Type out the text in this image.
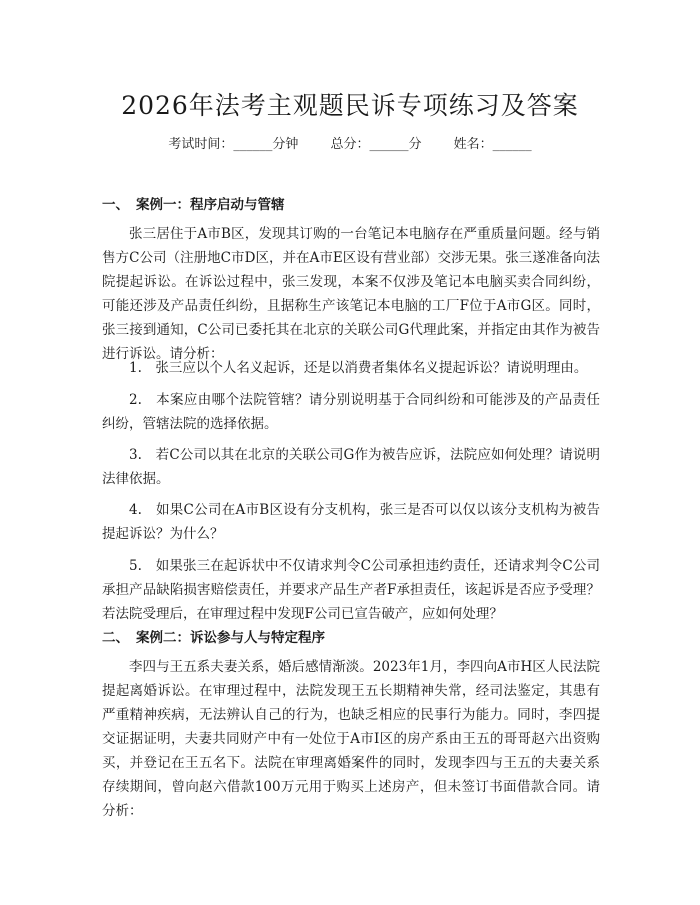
2026年法考主观题民诉专项练习及答案
考试时间：______分钟 总分：______分 姓名：______
一、 案例一：程序启动与管辖
张三居住于A市B区，发现其订购的一台笔记本电脑存在严重质量问题。经与销售方C公司（注册地C市D区，并在A市E区设有营业部）交涉无果。张三遂准备向法院提起诉讼。在诉讼过程中，张三发现，本案不仅涉及笔记本电脑买卖合同纠纷，可能还涉及产品责任纠纷，且据称生产该笔记本电脑的工厂F位于A市G区。同时，张三接到通知，C公司已委托其在北京的关联公司G代理此案，并指定由其作为被告进行诉讼。请分析：
1.　张三应以个人名义起诉，还是以消费者集体名义提起诉讼？请说明理由。
2.　本案应由哪个法院管辖？请分别说明基于合同纠纷和可能涉及的产品责任纠纷，管辖法院的选择依据。
3.　若C公司以其在北京的关联公司G作为被告应诉，法院应如何处理？请说明法律依据。
4.　如果C公司在A市B区设有分支机构，张三是否可以仅以该分支机构为被告提起诉讼？为什么？
5.　如果张三在起诉状中不仅请求判令C公司承担违约责任，还请求判令C公司承担产品缺陷损害赔偿责任，并要求产品生产者F承担责任，该起诉是否应予受理？若法院受理后，在审理过程中发现F公司已宣告破产，应如何处理？
二、 案例二：诉讼参与人与特定程序
李四与王五系夫妻关系，婚后感情渐淡。2023年1月，李四向A市H区人民法院提起离婚诉讼。在审理过程中，法院发现王五长期精神失常，经司法鉴定，其患有严重精神疾病，无法辨认自己的行为，也缺乏相应的民事行为能力。同时，李四提交证据证明，夫妻共同财产中有一处位于A市I区的房产系由王五的哥哥赵六出资购买，并登记在王五名下。法院在审理离婚案件的同时，发现李四与王五的夫妻关系存续期间，曾向赵六借款100万元用于购买上述房产，但未签订书面借款合同。请分析：
